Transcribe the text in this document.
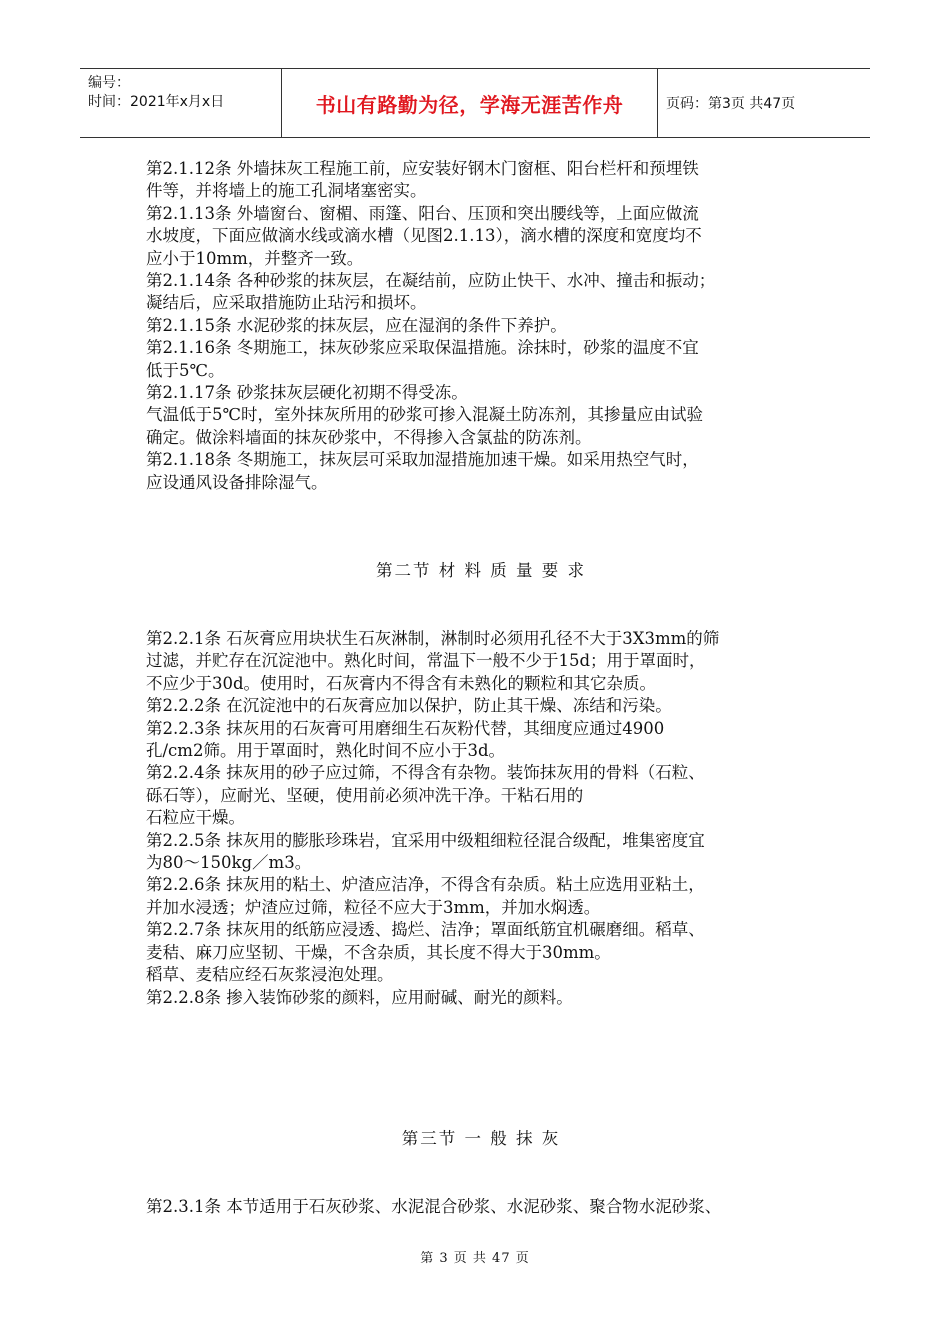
编号：
时间：2021年x月x日	书山有路勤为径，学海无涯苦作舟	页码：第3页 共47页

第2.1.12条 外墙抹灰工程施工前，应安装好钢木门窗框、阳台栏杆和预埋铁

件等，并将墙上的施工孔洞堵塞密实。

第2.1.13条 外墙窗台、窗楣、雨篷、阳台、压顶和突出腰线等，上面应做流

水坡度，下面应做滴水线或滴水槽（见图2.1.13），滴水槽的深度和宽度均不

应小于10mm，并整齐一致。

第2.1.14条 各种砂浆的抹灰层，在凝结前，应防止快干、水冲、撞击和振动；

凝结后，应采取措施防止玷污和损坏。

第2.1.15条 水泥砂浆的抹灰层，应在湿润的条件下养护。

第2.1.16条 冬期施工，抹灰砂浆应采取保温措施。涂抹时，砂浆的温度不宜

低于5℃。

第2.1.17条 砂浆抹灰层硬化初期不得受冻。

气温低于5℃时，室外抹灰所用的砂浆可掺入混凝土防冻剂，其掺量应由试验

确定。做涂料墙面的抹灰砂浆中，不得掺入含氯盐的防冻剂。

第2.1.18条 冬期施工，抹灰层可采取加湿措施加速干燥。如采用热空气时，

应设通风设备排除湿气。

第二节 材 料 质 量 要 求

第2.2.1条 石灰膏应用块状生石灰淋制，淋制时必须用孔径不大于3X3mm的筛

过滤，并贮存在沉淀池中。熟化时间，常温下一般不少于15d；用于罩面时，

不应少于30d。使用时，石灰膏内不得含有未熟化的颗粒和其它杂质。

第2.2.2条 在沉淀池中的石灰膏应加以保护，防止其干燥、冻结和污染。

第2.2.3条 抹灰用的石灰膏可用磨细生石灰粉代替，其细度应通过4900

孔/cm2筛。用于罩面时，熟化时间不应小于3d。

第2.2.4条 抹灰用的砂子应过筛，不得含有杂物。装饰抹灰用的骨料（石粒、

砾石等），应耐光、坚硬，使用前必须冲洗干净。干粘石用的

石粒应干燥。

第2.2.5条 抹灰用的膨胀珍珠岩，宜采用中级粗细粒径混合级配，堆集密度宜

为80～150kg／m3。

第2.2.6条 抹灰用的粘土、炉渣应洁净，不得含有杂质。粘土应选用亚粘土，

并加水浸透；炉渣应过筛，粒径不应大于3mm，并加水焖透。

第2.2.7条 抹灰用的纸筋应浸透、捣烂、洁净；罩面纸筋宜机碾磨细。稻草、

麦秸、麻刀应坚韧、干燥，不含杂质，其长度不得大于30mm。

稻草、麦秸应经石灰浆浸泡处理。

第2.2.8条 掺入装饰砂浆的颜料，应用耐碱、耐光的颜料。

第三节 一 般 抹 灰

第2.3.1条 本节适用于石灰砂浆、水泥混合砂浆、水泥砂浆、聚合物水泥砂浆、

第 3 页 共 47 页
